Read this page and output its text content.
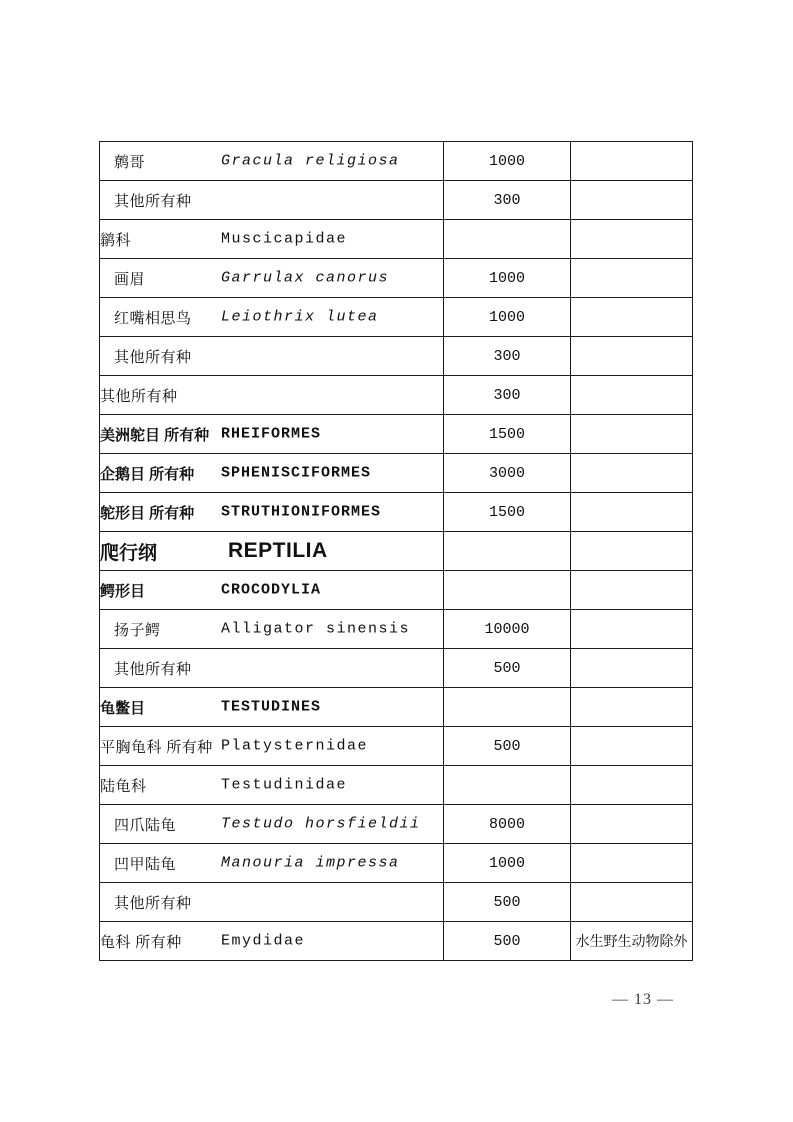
鹩哥 Gracula religiosa	1000	
其他所有种	300	
鹟科 Muscicapidae		

画眉 Garrulax canorus	1000	
红嘴相思鸟 Leiothrix lutea	1000	
其他所有种	300	
其他所有种	300	
美洲鸵目 所有种 RHEIFORMES	1500	
企鹅目 所有种 SPHENISCIFORMES	3000	
鸵形目 所有种 STRUTHIONIFORMES	1500	
爬行纲 REPTILIA		

鳄形目 CROCODYLIA		

扬子鳄 Alligator sinensis	10000	
其他所有种	500	
龟鳖目 TESTUDINES		

平胸龟科 所有种 Platysternidae	500	
陆龟科 Testudinidae		

四爪陆龟 Testudo horsfieldii	8000	
凹甲陆龟 Manouria impressa	1000	
其他所有种	500	
龟科 所有种 Emydidae	500	水生野生动物除外
— 13 —
